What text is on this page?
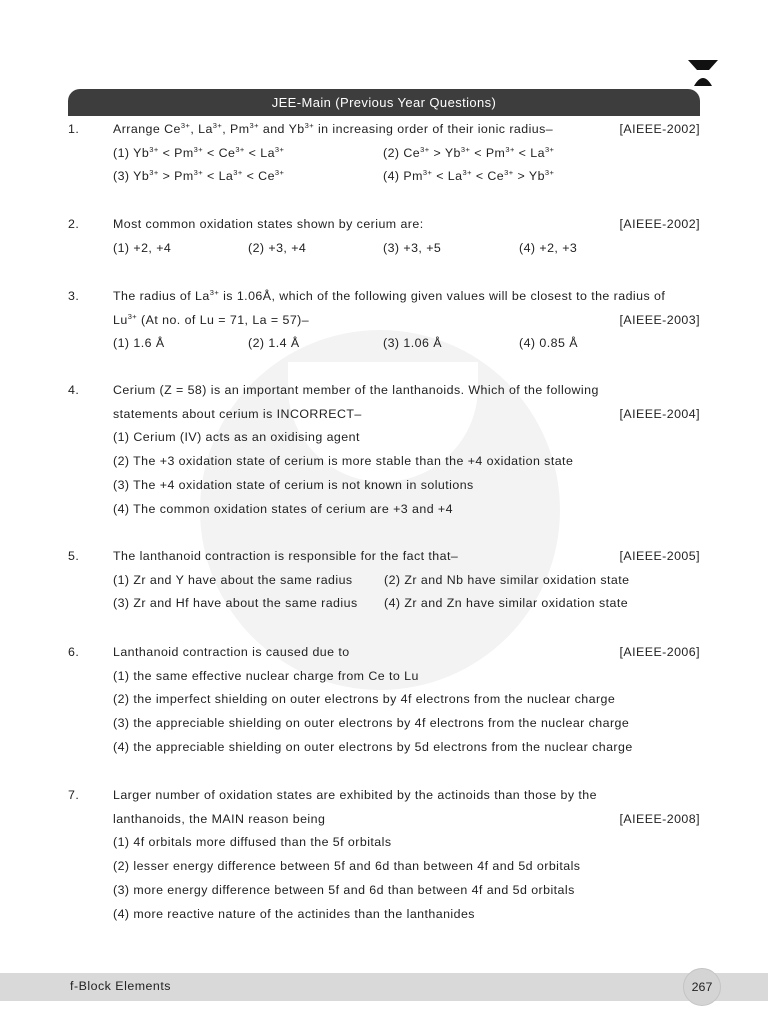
JEE-Main (Previous Year Questions)
1.	Arrange $Ce^{3+}$, $La^{3+}$, $Pm^{3+}$ and $Yb^{3+}$ in increasing order of their ionic radius–	[AIEEE-2002]
(1) $Yb^{3+} < Pm^{3+} < Ce^{3+} < La^{3+}$	(2) $Ce^{3+} > Yb^{3+} < Pm^{3+} < La^{3+}$
(3) $Yb^{3+} > Pm^{3+} < La^{3+} < Ce^{3+}$	(4) $Pm^{3+} < La^{3+} < Ce^{3+} > Yb^{3+}$
2.	Most common oxidation states shown by cerium are:	[AIEEE-2002]
(1) +2, +4	(2) +3, +4	(3) +3, +5	(4) +2, +3
3.	The radius of $La^{3+}$ is 1.06Å, which of the following given values will be closest to the radius of
$Lu^{3+}$ (At no. of Lu = 71, La = 57)–	[AIEEE-2003]
(1) 1.6 Å	(2) 1.4 Å	(3) 1.06 Å	(4) 0.85 Å
4.	Cerium (Z = 58) is an important member of the lanthanoids. Which of the following
statements about cerium is INCORRECT–	[AIEEE-2004]
(1) Cerium (IV) acts as an oxidising agent
(2) The +3 oxidation state of cerium is more stable than the +4 oxidation state
(3) The +4 oxidation state of cerium is not known in solutions
(4) The common oxidation states of cerium are +3 and +4
5.	The lanthanoid contraction is responsible for the fact that–	[AIEEE-2005]
(1) Zr and Y have about the same radius	(2) Zr and Nb have similar oxidation state
(3) Zr and Hf have about the same radius (4) Zr and Zn have similar oxidation state
6.	Lanthanoid contraction is caused due to	[AIEEE-2006]
(1) the same effective nuclear charge from Ce to Lu
(2) the imperfect shielding on outer electrons by 4f electrons from the nuclear charge
(3) the appreciable shielding on outer electrons by 4f electrons from the nuclear charge
(4) the appreciable shielding on outer electrons by 5d electrons from the nuclear charge
7.	Larger number of oxidation states are exhibited by the actinoids than those by the
lanthanoids, the MAIN reason being	[AIEEE-2008]
(1) 4f orbitals more diffused than the 5f orbitals
(2) lesser energy difference between 5f and 6d than between 4f and 5d orbitals
(3) more energy difference between 5f and 6d than between 4f and 5d orbitals
(4) more reactive nature of the actinides than the lanthanides
f-Block Elements	267
